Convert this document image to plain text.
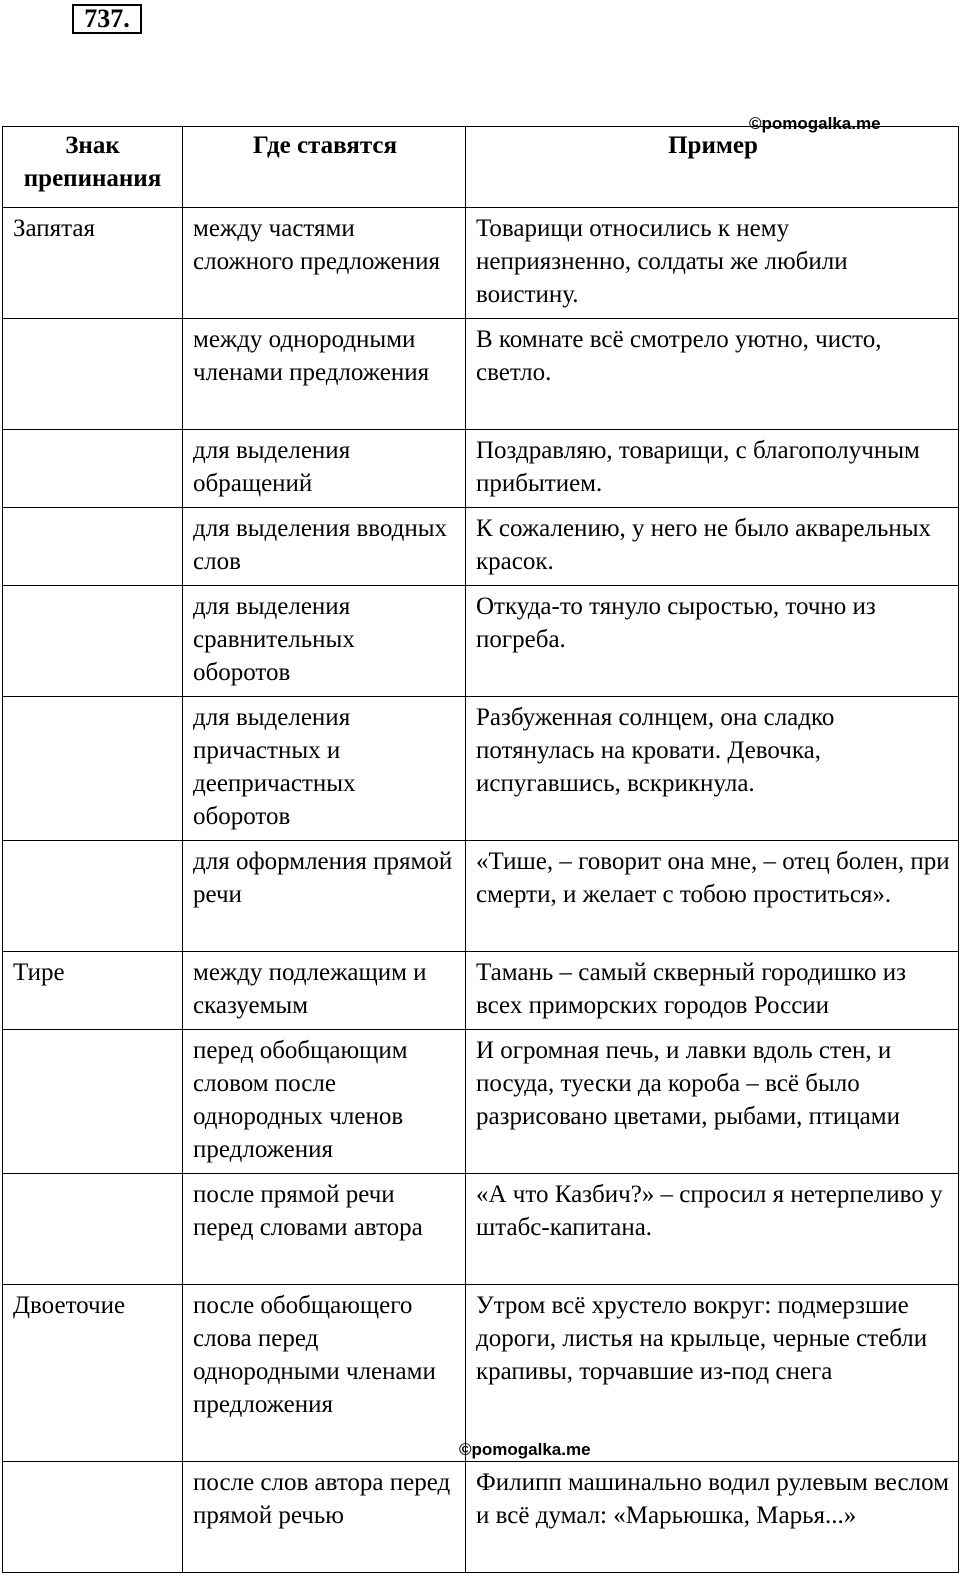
737.
©pomogalka.me
Знак препинания	Где ставятся	Пример
Запятая	между частями сложного предложения	Товарищи относились к нему неприязненно, солдаты же любили воистину.
	между однородными членами предложения	В комнате всё смотрело уютно, чисто, светло.
	для выделения обращений	Поздравляю, товарищи, с благополучным прибытием.
	для выделения вводных слов	К сожалению, у него не было акварельных красок.
	для выделения сравнительных оборотов	Откуда-то тянуло сыростью, точно из погреба.
	для выделения причастных и деепричастных оборотов	Разбуженная солнцем, она сладко потянулась на кровати. Девочка, испугавшись, вскрикнула.
	для оформления прямой речи	«Тише, – говорит она мне, – отец болен, при смерти, и желает с тобою проститься».
Тире	между подлежащим и сказуемым	Тамань – самый скверный городишко из всех приморских городов России
	перед обобщающим словом после однородных членов предложения	И огромная печь, и лавки вдоль стен, и посуда, туески да короба – всё было разрисовано цветами, рыбами, птицами
	после прямой речи перед словами автора	«А что Казбич?» – спросил я нетерпеливо у штабс-капитана.
Двоеточие	после обобщающего слова перед однородными членами предложения	Утром всё хрустело вокруг: подмерзшие дороги, листья на крыльце, черные стебли крапивы, торчавшие из-под снега
	после слов автора перед прямой речью	Филипп машинально водил рулевым веслом и всё думал: «Марьюшка, Марья...»
©pomogalka.me
